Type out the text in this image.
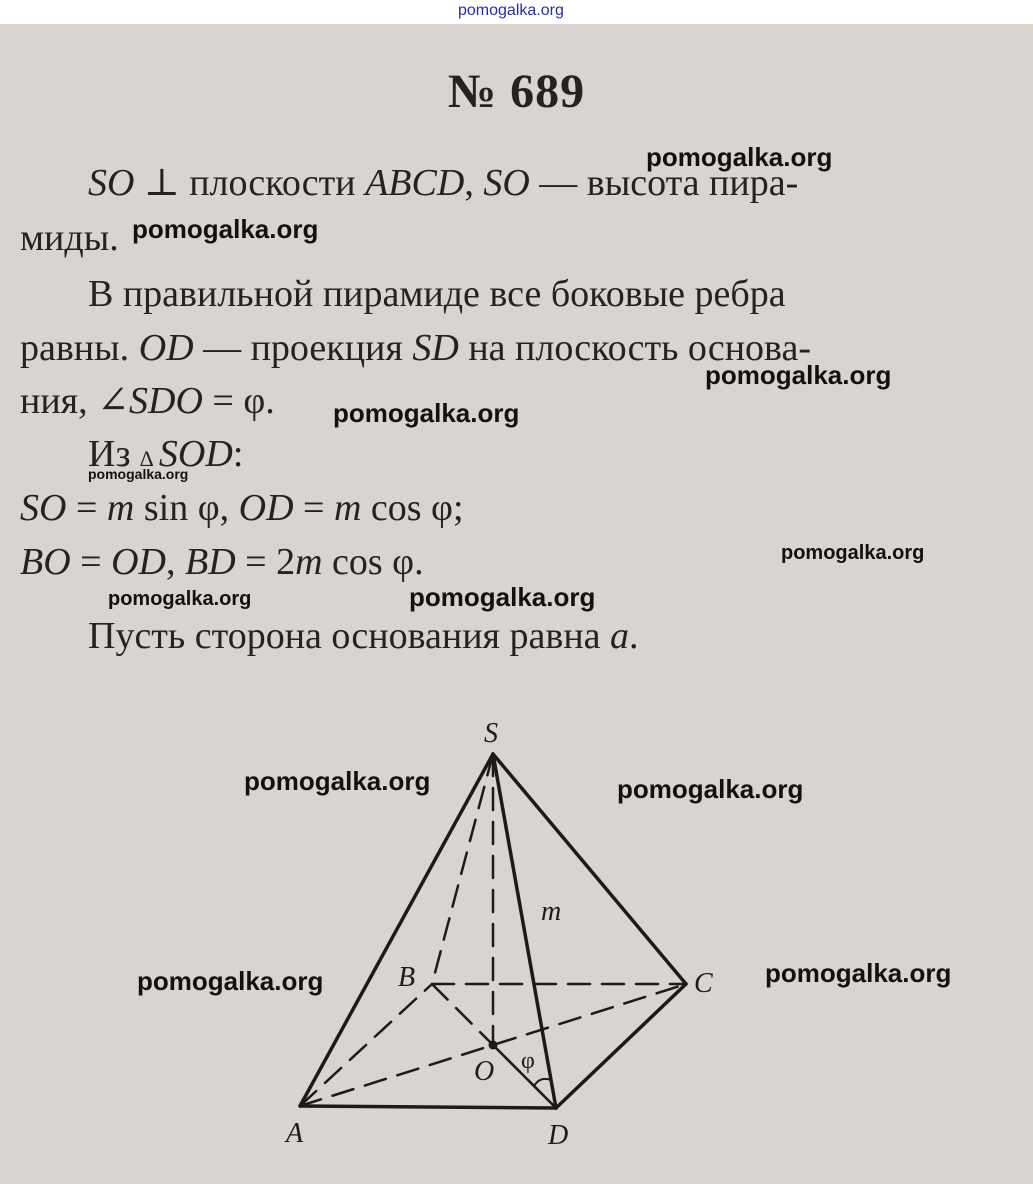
pomogalka.org
№ 689
SO ⊥ плоскости ABCD, SO — высота пира-
миды.
В правильной пирамиде все боковые ребра
равны. OD — проекция SD на плоскость основа-
ния, ∠SDO = φ.
Из ∆ SOD:
SO = m sin φ, OD = m cos φ;
BO = OD, BD = 2m cos φ.
Пусть сторона основания равна a.
S
A
B	C
D
O
m
φ
pomogalka.org
pomogalka.org
pomogalka.org
pomogalka.org
pomogalka.org
pomogalka.org
pomogalka.org	pomogalka.org
pomogalka.org	pomogalka.org
pomogalka.org	pomogalka.org
